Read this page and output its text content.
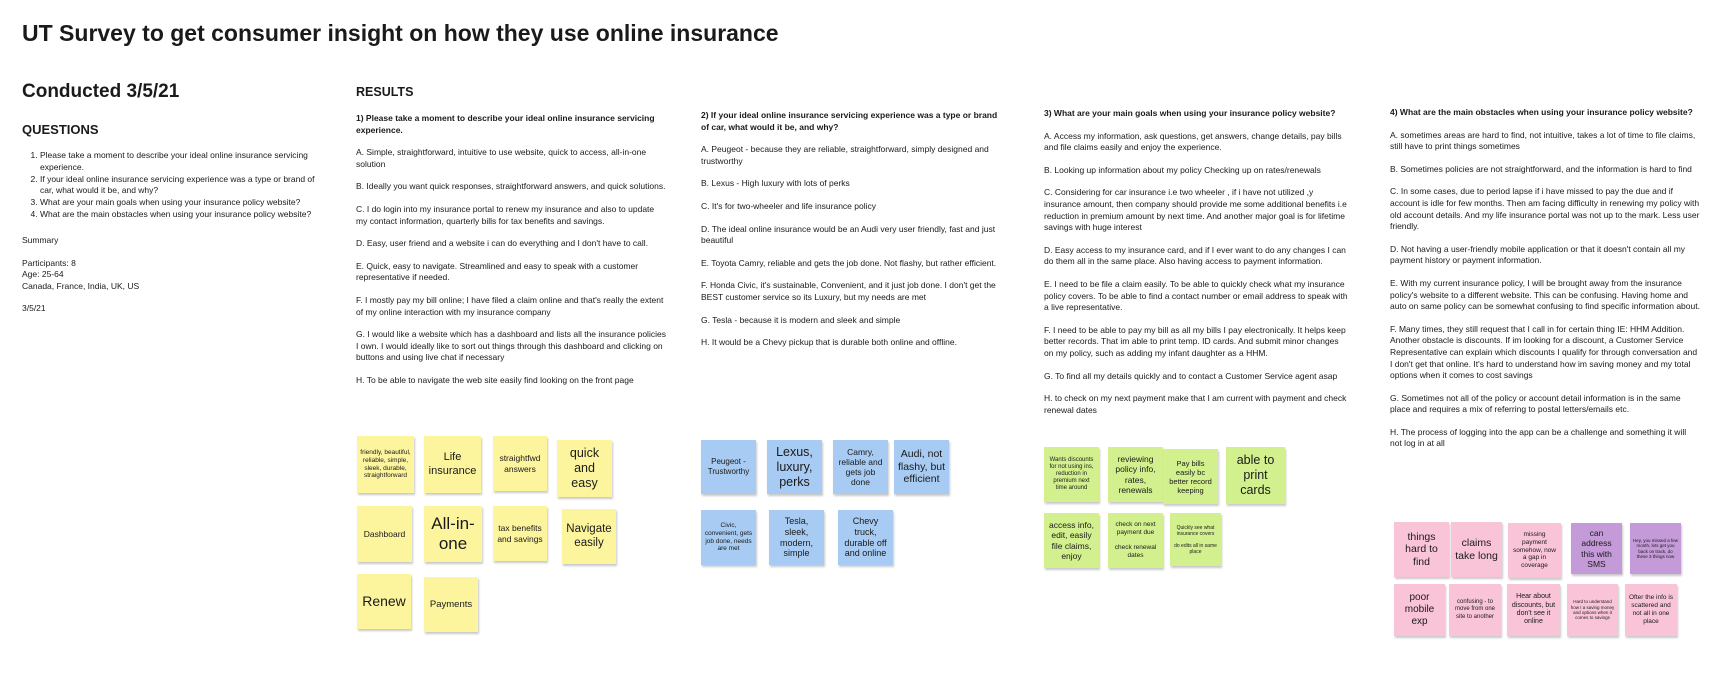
UT Survey to get consumer insight on how they use online insurance
Conducted 3/5/21
QUESTIONS
1. Please take a moment to describe your ideal online insurance servicing experience.
2. If your ideal online insurance servicing experience was a type or brand of car, what would it be, and why?
3. What are your main goals when using your insurance policy website?
4. What are the main obstacles when using your insurance policy website?

Summary

Participants: 8

Age: 25-64

Canada, France, India, UK, US

3/5/21

RESULTS

1) Please take a moment to describe your ideal online insurance servicing experience.

A. Simple, straightforward, intuitive to use website, quick to access, all-in-one solution

B. Ideally you want quick responses, straightforward answers, and quick solutions.

C. I do login into my insurance portal to renew my insurance and also to update my contact information, quarterly bills for tax benefits and savings.

D. Easy, user friend and a website i can do everything and I don't have to call.

E. Quick, easy to navigate. Streamlined and easy to speak with a customer representative if needed.

F. I mostly pay my bill online; I have filed a claim online and that's really the extent of my online interaction with my insurance company

G. I would like a website which has a dashboard and lists all the insurance policies I own. I would ideally like to sort out things through this dashboard and clicking on buttons and using live chat if necessary

H. To be able to navigate the web site easily find looking on the front page

2) If your ideal online insurance servicing experience was a type or brand of car, what would it be, and why?

A. Peugeot - because they are reliable, straightforward, simply designed and trustworthy

B. Lexus - High luxury with lots of perks

C. It's for two-wheeler and life insurance policy

D. The ideal online insurance would be an Audi very user friendly, fast and just beautiful

E. Toyota Camry, reliable and gets the job done. Not flashy, but rather efficient.

F. Honda Civic, it's sustainable, Convenient, and it just job done. I don't get the BEST customer service so its Luxury, but my needs are met

G. Tesla - because it is modern and sleek and simple

H. It would be a Chevy pickup that is durable both online and offline.

3) What are your main goals when using your insurance policy website?

A. Access my information, ask questions, get answers, change details, pay bills and file claims easily and enjoy the experience.

B. Looking up information about my policy Checking up on rates/renewals

C. Considering for car insurance i.e two wheeler , if i have not utilized ,y insurance amount, then company should provide me some additional benefits i.e reduction in premium amount by next time. And another major goal is for lifetime savings with huge interest

D. Easy access to my insurance card, and if I ever want to do any changes I can do them all in the same place. Also having access to payment information.

E. I need to be file a claim easily. To be able to quickly check what my insurance policy covers. To be able to find a contact number or email address to speak with a live representative.

F. I need to be able to pay my bill as all my bills I pay electronically. It helps keep better records. That im able to print temp. ID cards. And submit minor changes on my policy, such as adding my infant daughter as a HHM.

G. To find all my details quickly and to contact a Customer Service agent asap

H. to check on my next payment make that I am current with payment and check renewal dates

4) What are the main obstacles when using your insurance policy website?

A. sometimes areas are hard to find, not intuitive, takes a lot of time to file claims, still have to print things sometimes

B. Sometimes policies are not straightforward, and the information is hard to find

C. In some cases, due to period lapse if i have missed to pay the due and if account is idle for few months. Then am facing difficulty in renewing my policy with old account details. And my life insurance portal was not up to the mark. Less user friendly.

D. Not having a user-friendly mobile application or that it doesn't contain all my payment history or payment information.

E. With my current insurance policy, I will be brought away from the insurance policy's website to a different website. This can be confusing. Having home and auto on same policy can be somewhat confusing to find specific information about.

F. Many times, they still request that I call in for certain thing IE: HHM Addition. Another obstacle is discounts. If im looking for a discount, a Customer Service Representative can explain which discounts I qualify for through conversation and I don't get that online. It's hard to understand how im saving money and my total options when it comes to cost savings

G. Sometimes not all of the policy or account detail information is in the same place and requires a mix of referring to postal letters/emails etc.

H. The process of logging into the app can be a challenge and something it will not log in at all

friendly, beautiful, reliable, simple, sleek, durable, straightforward
Life insurance
straightfwd answers
quick and easy
Dashboard
All-in-one
tax benefits and savings
Navigate easily
Renew	Payments
Peugeot - Trustworthy
Lexus, luxury, perks
Camry, reliable and gets job done
Audi, not flashy, but efficient
Civic, convenient, gets job done, needs are met
Tesla, sleek, modern, simple
Chevy truck, durable off and online
Wants discounts for not using ins, reduction in premium next time around
reviewing policy info, rates, renewals
Pay bills easily bc better record keeping
able to print cards
access info, edit, easily file claims, enjoy
check on next payment due

check renewal dates
Quickly see what insurance covers

do edits all in same place
things hard to find
claims take long
missing payment somehow, now a gap in coverage
can address this with SMS
Hey, you missed a few month, lets get you back on track, do these 3 things now
poor mobile exp
confusing - to move from one site to another
Hear about discounts, but don't see it online
Hard to understand how I a saving money and options when it comes to savings
Ofter the info is scattered and not all in one place
